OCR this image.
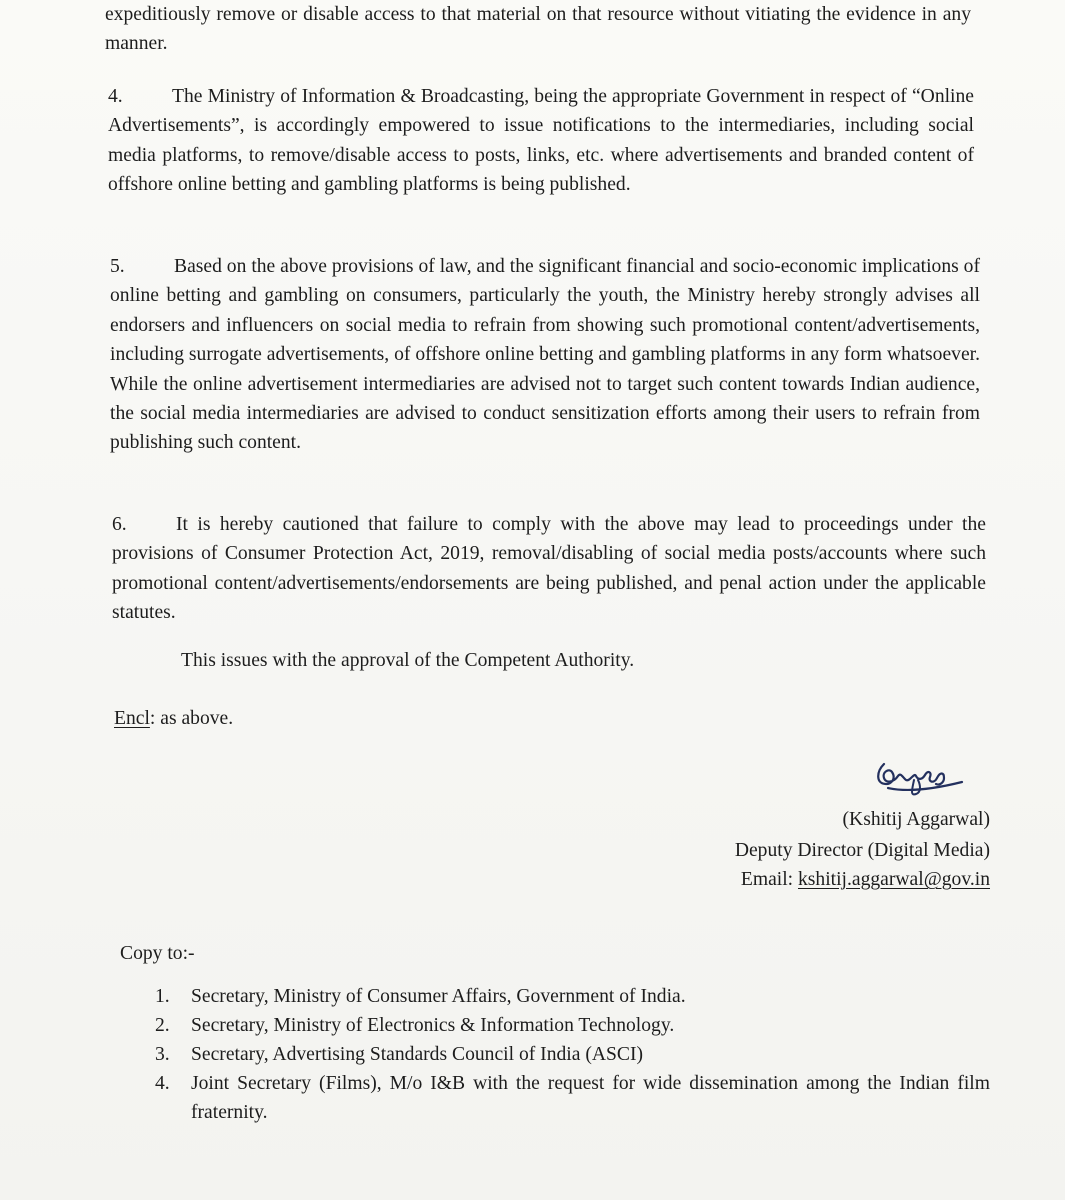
expeditiously remove or disable access to that material on that resource without vitiating the evidence in any manner.
4.	The Ministry of Information & Broadcasting, being the appropriate Government in respect of “Online Advertisements”, is accordingly empowered to issue notifications to the intermediaries, including social media platforms, to remove/disable access to posts, links, etc. where advertisements and branded content of offshore online betting and gambling platforms is being published.
5.	Based on the above provisions of law, and the significant financial and socio-economic implications of online betting and gambling on consumers, particularly the youth, the Ministry hereby strongly advises all endorsers and influencers on social media to refrain from showing such promotional content/advertisements, including surrogate advertisements, of offshore online betting and gambling platforms in any form whatsoever. While the online advertisement intermediaries are advised not to target such content towards Indian audience, the social media intermediaries are advised to conduct sensitization efforts among their users to refrain from publishing such content.
6.	It is hereby cautioned that failure to comply with the above may lead to proceedings under the provisions of Consumer Protection Act, 2019, removal/disabling of social media posts/accounts where such promotional content/advertisements/endorsements are being published, and penal action under the applicable statutes.
This issues with the approval of the Competent Authority.
Encl: as above.
(Kshitij Aggarwal)
Deputy Director (Digital Media)
Email: kshitij.aggarwal@gov.in
Copy to:-
1. Secretary, Ministry of Consumer Affairs, Government of India.
2. Secretary, Ministry of Electronics & Information Technology.
3. Secretary, Advertising Standards Council of India (ASCI)
4. Joint Secretary (Films), M/o I&B with the request for wide dissemination among the Indian film fraternity.
